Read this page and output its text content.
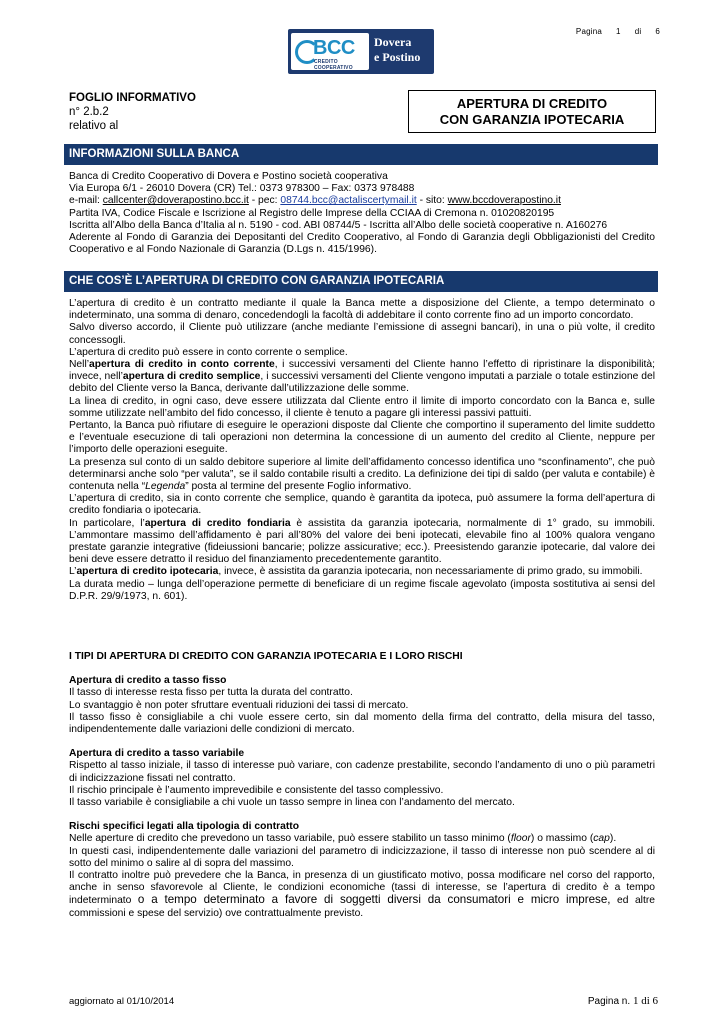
Pagina 1 di 6
BCC
CREDITO COOPERATIVO
Dovera
e Postino
FOGLIO INFORMATIVO
n° 2.b.2
relativo al
APERTURA DI CREDITO
CON GARANZIA IPOTECARIA
INFORMAZIONI SULLA BANCA

Banca di Credito Cooperativo di Dovera e Postino società cooperativa

Via Europa 6/1 - 26010 Dovera (CR) Tel.: 0373 978300 – Fax: 0373 978488

e-mail: callcenter@doverapostino.bcc.it - pec: 08744.bcc@actaliscertymail.it - sito: www.bccdoverapostino.it

Partita IVA, Codice Fiscale e Iscrizione al Registro delle Imprese della CCIAA di Cremona n. 01020820195

Iscritta all’Albo della Banca d’Italia al n. 5190 - cod. ABI 08744/5 - Iscritta all’Albo delle società cooperative n. A160276

Aderente al Fondo di Garanzia dei Depositanti del Credito Cooperativo, al Fondo di Garanzia degli Obbligazionisti del Credito Cooperativo e al Fondo Nazionale di Garanzia (D.Lgs n. 415/1996).

CHE COS’È L’APERTURA DI CREDITO CON GARANZIA IPOTECARIA

L’apertura di credito è un contratto mediante il quale la Banca mette a disposizione del Cliente, a tempo determinato o indeterminato, una somma di denaro, concedendogli la facoltà di addebitare il conto corrente fino ad un importo concordato.

Salvo diverso accordo, il Cliente può utilizzare (anche mediante l’emissione di assegni bancari), in una o più volte, il credito concessogli.

L’apertura di credito può essere in conto corrente o semplice.

Nell’apertura di credito in conto corrente, i successivi versamenti del Cliente hanno l’effetto di ripristinare la disponibilità; invece, nell’apertura di credito semplice, i successivi versamenti del Cliente vengono imputati a parziale o totale estinzione del debito del Cliente verso la Banca, derivante dall’utilizzazione delle somme.

La linea di credito, in ogni caso, deve essere utilizzata dal Cliente entro il limite di importo concordato con la Banca e, sulle somme utilizzate nell’ambito del fido concesso, il cliente è tenuto a pagare gli interessi passivi pattuiti.

Pertanto, la Banca può rifiutare di eseguire le operazioni disposte dal Cliente che comportino il superamento del limite suddetto e l’eventuale esecuzione di tali operazioni non determina la concessione di un aumento del credito al Cliente, neppure per l’importo delle operazioni eseguite.

La presenza sul conto di un saldo debitore superiore al limite dell’affidamento concesso identifica uno “sconfinamento”, che può determinarsi anche solo “per valuta”, se il saldo contabile risulti a credito. La definizione dei tipi di saldo (per valuta e contabile) è contenuta nella “Legenda” posta al termine del presente Foglio informativo.

L’apertura di credito, sia in conto corrente che semplice, quando è garantita da ipoteca, può assumere la forma dell’apertura di credito fondiaria o ipotecaria.

In particolare, l’apertura di credito fondiaria è assistita da garanzia ipotecaria, normalmente di 1° grado, su immobili. L’ammontare massimo dell’affidamento è pari all’80% del valore dei beni ipotecati, elevabile fino al 100% qualora vengano prestate garanzie integrative (fideiussioni bancarie; polizze assicurative; ecc.). Preesistendo garanzie ipotecarie, dal valore dei beni deve essere detratto il residuo del finanziamento precedentemente garantito.

L’apertura di credito ipotecaria, invece, è assistita da garanzia ipotecaria, non necessariamente di primo grado, su immobili.

La durata medio – lunga dell’operazione permette di beneficiare di un regime fiscale agevolato (imposta sostitutiva ai sensi del D.P.R. 29/9/1973, n. 601).

I TIPI DI APERTURA DI CREDITO CON GARANZIA IPOTECARIA E I LORO RISCHI

Apertura di credito a tasso fisso

Il tasso di interesse resta fisso per tutta la durata del contratto.

Lo svantaggio è non poter sfruttare eventuali riduzioni dei tassi di mercato.

Il tasso fisso è consigliabile a chi vuole essere certo, sin dal momento della firma del contratto, della misura del tasso, indipendentemente dalle variazioni delle condizioni di mercato.

Apertura di credito a tasso variabile

Rispetto al tasso iniziale, il tasso di interesse può variare, con cadenze prestabilite, secondo l’andamento di uno o più parametri di indicizzazione fissati nel contratto.

Il rischio principale è l’aumento imprevedibile e consistente del tasso complessivo.

Il tasso variabile è consigliabile a chi vuole un tasso sempre in linea con l’andamento del mercato.

Rischi specifici legati alla tipologia di contratto

Nelle aperture di credito che prevedono un tasso variabile, può essere stabilito un tasso minimo (floor) o massimo (cap).

In questi casi, indipendentemente dalle variazioni del parametro di indicizzazione, il tasso di interesse non può scendere al di sotto del minimo o salire al di sopra del massimo.

Il contratto inoltre può prevedere che la Banca, in presenza di un giustificato motivo, possa modificare nel corso del rapporto, anche in senso sfavorevole al Cliente, le condizioni economiche (tassi di interesse, se l’apertura di credito è a tempo indeterminato o a tempo determinato a favore di soggetti diversi da consumatori e micro imprese, ed altre commissioni e spese del servizio) ove contrattualmente previsto.

aggiornato al 01/10/2014	Pagina n. 1 di 6
